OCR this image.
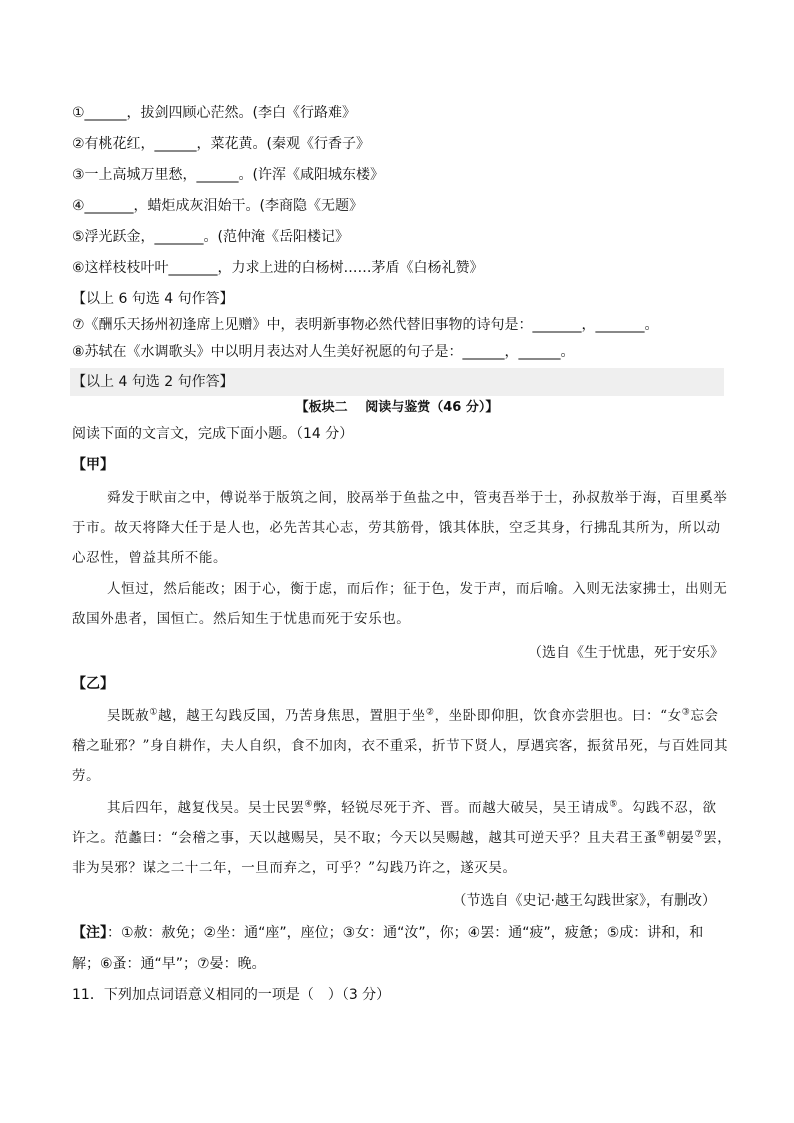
①______，拔剑四顾心茫然。(李白《行路难》
②有桃花红，______，菜花黄。(秦观《行香子》
③一上高城万里愁，______。(许浑《咸阳城东楼》
④_______，蜡炬成灰泪始干。(李商隐《无题》
⑤浮光跃金，_______。(范仲淹《岳阳楼记》
⑥这样枝枝叶叶_______，力求上进的白杨树……茅盾《白杨礼赞》
【以上 6 句选 4 句作答】
⑦《酬乐天扬州初逢席上见赠》中，表明新事物必然代替旧事物的诗句是：_______，_______。
⑧苏轼在《水调歌头》中以明月表达对人生美好祝愿的句子是：______，______。
【以上 4 句选 2 句作答】
【板块二　 阅读与鉴赏（46 分）】
阅读下面的文言文，完成下面小题。（14 分）
【甲】
舜发于畎亩之中，傅说举于版筑之间，胶鬲举于鱼盐之中，管夷吾举于士，孙叔敖举于海，百里奚举
于市。故天将降大任于是人也，必先苦其心志，劳其筋骨，饿其体肤，空乏其身，行拂乱其所为，所以动
心忍性，曾益其所不能。
人恒过，然后能改；困于心，衡于虑，而后作；征于色，发于声，而后喻。入则无法家拂士，出则无
敌国外患者，国恒亡。然后知生于忧患而死于安乐也。
（选自《生于忧患，死于安乐》
【乙】
吴既赦①越，越王勾践反国，乃苦身焦思，置胆于坐②，坐卧即仰胆，饮食亦尝胆也。曰：“女③忘会
稽之耻邪？”身自耕作，夫人自织，食不加肉，衣不重采，折节下贤人，厚遇宾客，振贫吊死，与百姓同其
劳。
其后四年，越复伐吴。吴士民罢④弊，轻锐尽死于齐、晋。而越大破吴，吴王请成⑤。勾践不忍，欲
许之。范蠡曰：“会稽之事，天以越赐吴，吴不取；今天以吴赐越，越其可逆天乎？且夫君王蚤⑥朝晏⑦罢，
非为吴邪？谋之二十二年，一旦而弃之，可乎？”勾践乃许之，遂灭吴。
（节选自《史记·越王勾践世家》，有删改）
【注】：①赦：赦免；②坐：通“座”，座位；③女：通“汝”，你；④罢：通“疲”，疲惫；⑤成：讲和，和
解；⑥蚤：通“早”；⑦晏：晚。
11．下列加点词语意义相同的一项是（　）（3 分）
